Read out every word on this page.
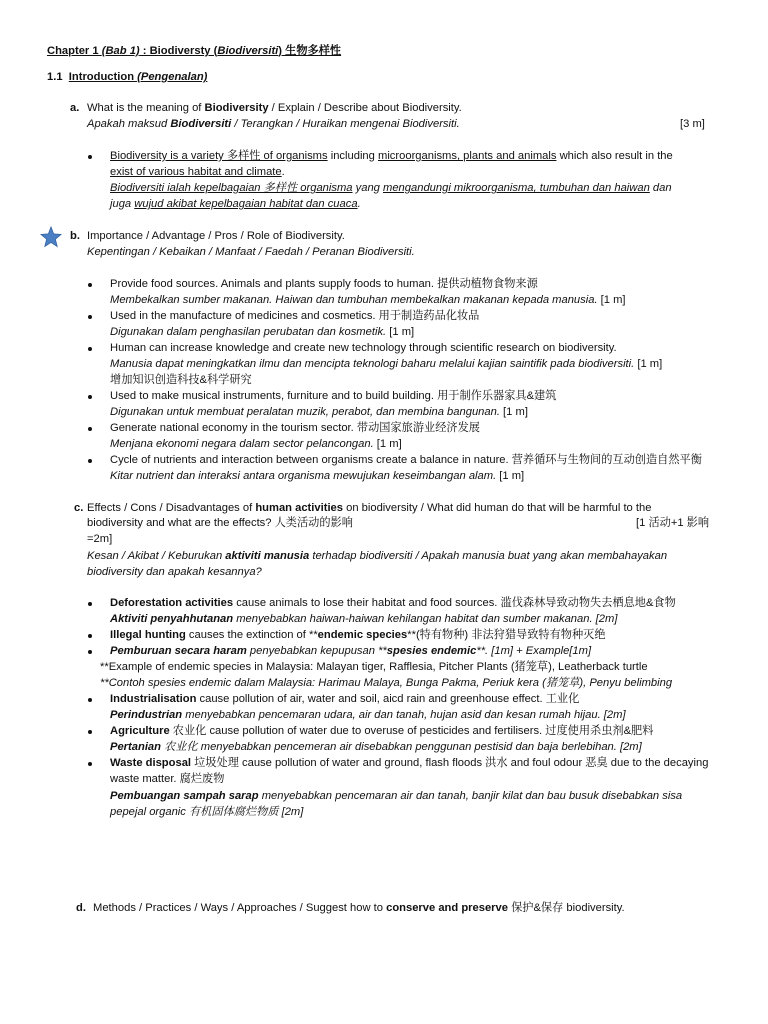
Chapter 1 (Bab 1) : Biodiversty (Biodiversiti) 生物多样性
1.1 Introduction (Pengenalan)
a. What is the meaning of Biodiversity / Explain / Describe about Biodiversity.
Apakah maksud Biodiversiti / Terangkan / Huraikan mengenai Biodiversiti.	[3 m]
Biodiversity is a variety 多样性 of organisms including microorganisms, plants and animals which also result in the
exist of various habitat and climate.
Biodiversiti ialah kepelbagaian 多样性 organisma yang mengandungi mikroorganisma, tumbuhan dan haiwan dan
juga wujud akibat kepelbagaian habitat dan cuaca.
b. Importance / Advantage / Pros / Role of Biodiversity.
Kepentingan / Kebaikan / Manfaat / Faedah / Peranan Biodiversiti.
Provide food sources. Animals and plants supply foods to human. 提供动植物食物来源
Membekalkan sumber makanan. Haiwan dan tumbuhan membekalkan makanan kepada manusia. [1 m]
Used in the manufacture of medicines and cosmetics. 用于制造药品化妆品
Digunakan dalam penghasilan perubatan dan kosmetik. [1 m]
Human can increase knowledge and create new technology through scientific research on biodiversity.
Manusia dapat meningkatkan ilmu dan mencipta teknologi baharu melalui kajian saintifik pada biodiversiti. [1 m]
增加知识创造科技&科学研究
Used to make musical instruments, furniture and to build building. 用于制作乐器家具&建筑
Digunakan untuk membuat peralatan muzik, perabot, dan membina bangunan. [1 m]
Generate national economy in the tourism sector. 带动国家旅游业经济发展
Menjana ekonomi negara dalam sector pelancongan. [1 m]
Cycle of nutrients and interaction between organisms create a balance in nature. 营养循环与生物间的互动创造自然平衡
Kitar nutrient dan interaksi antara organisma mewujukan keseimbangan alam. [1 m]
c. Effects / Cons / Disadvantages of human activities on biodiversity / What did human do that will be harmful to the
biodiversity and what are the effects? 人类活动的影响	[1 活动+1 影响
=2m]
Kesan / Akibat / Keburukan aktiviti manusia terhadap biodiversiti / Apakah manusia buat yang akan membahayakan
biodiversity dan apakah kesannya?
Deforestation activities cause animals to lose their habitat and food sources. 滥伐森林导致动物失去栖息地&食物
Aktiviti penyahhutanan menyebabkan haiwan-haiwan kehilangan habitat dan sumber makanan. [2m]
Illegal hunting causes the extinction of **endemic species**(特有物种) 非法狩猎导致特有物种灭绝
Pemburuan secara haram penyebabkan kepupusan **spesies endemic**. [1m] + Example[1m]
**Example of endemic species in Malaysia: Malayan tiger, Rafflesia, Pitcher Plants (猪笼草), Leatherback turtle
**Contoh spesies endemic dalam Malaysia: Harimau Malaya, Bunga Pakma, Periuk kera (猪笼草), Penyu belimbing
Industrialisation cause pollution of air, water and soil, aicd rain and greenhouse effect. 工业化
Perindustrian menyebabkan pencemaran udara, air dan tanah, hujan asid dan kesan rumah hijau. [2m]
Agriculture 农业化 cause pollution of water due to overuse of pesticides and fertilisers. 过度使用杀虫剂&肥料
Pertanian 农业化 menyebabkan pencemeran air disebabkan penggunan pestisid dan baja berlebihan. [2m]
Waste disposal 垃圾处理 cause pollution of water and ground, flash floods 洪水 and foul odour 恶臭 due to the decaying
waste matter. 腐烂废物
Pembuangan sampah sarap menyebabkan pencemaran air dan tanah, banjir kilat dan bau busuk disebabkan sisa
pepejal organic 有机固体腐烂物质 [2m]
d. Methods / Practices / Ways / Approaches / Suggest how to conserve and preserve 保护&保存 biodiversity.
